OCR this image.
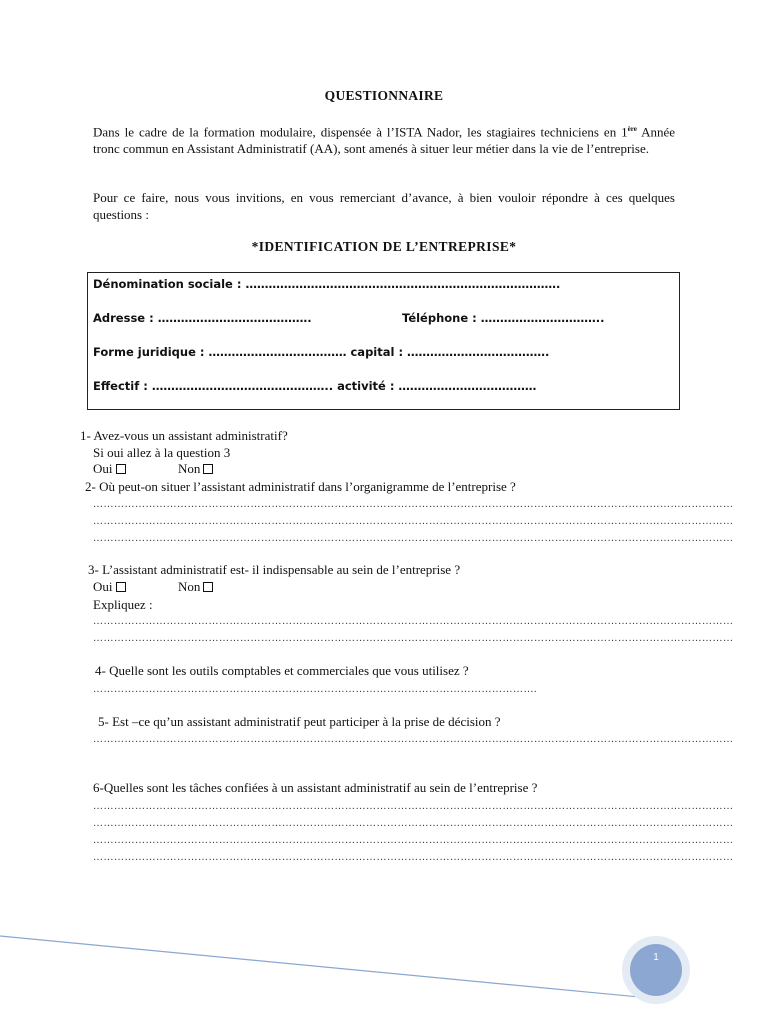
QUESTIONNAIRE
Dans le cadre de la formation modulaire, dispensée à l’ISTA Nador, les stagiaires techniciens en 1ère Année tronc commun en Assistant Administratif (AA), sont amenés à situer leur métier dans la vie de l’entreprise.
Pour ce faire, nous vous invitions, en vous remerciant d’avance, à bien vouloir répondre à ces quelques questions :
*IDENTIFICATION DE L’ENTREPRISE*
Dénomination sociale : ……………………………………………………………………….
Adresse : ………………………………….	Téléphone : …………………………..
Forme juridique : ……………………………… capital : ……………………………….
Effectif : ……………………………………….. activité : ………………………………
1- Avez-vous un assistant administratif?
Si oui allez à la question 3
Oui	Non
2- Où peut-on situer l’assistant administratif dans l’organigramme de l’entreprise ?
…………………………………………………………………………………………………………………………………………………………………
…………………………………………………………………………………………………………………………………………………………………
…………………………………………………………………………………………………………………………………………………………………
3- L’assistant administratif est- il indispensable au sein de l’entreprise ?
Oui	Non
Expliquez :
…………………………………………………………………………………………………………………………………………………………………
…………………………………………………………………………………………………………………………………………………………………
4- Quelle sont les outils comptables et commerciales que vous utilisez ?
……………………………………………………………………………………………………………….
5- Est –ce qu’un assistant administratif peut participer à la prise de décision ?
…………………………………………………………………………………………………………………………………………………………………
6-Quelles sont les tâches confiées à un assistant administratif au sein de l’entreprise ?
…………………………………………………………………………………………………………………………………………………………………
…………………………………………………………………………………………………………………………………………………………………
…………………………………………………………………………………………………………………………………………………………………
…………………………………………………………………………………………………………………………………………………………………
1
